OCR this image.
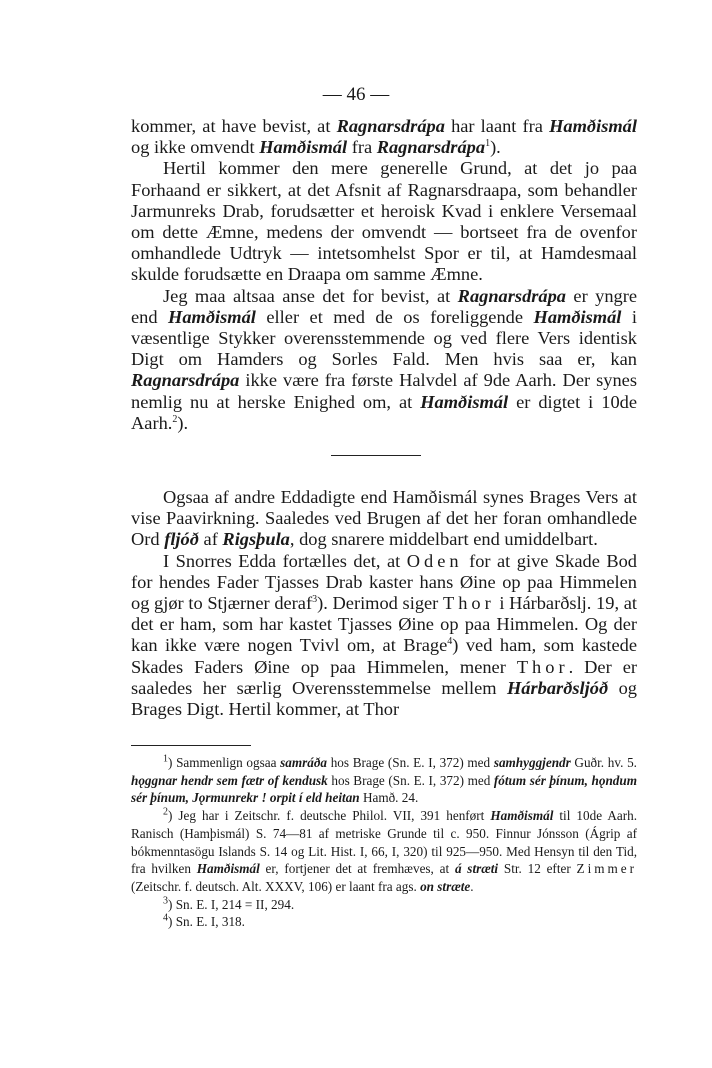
— 46 —

kommer, at have bevist, at Ragnarsdrápa har laant fra Hamðismál og ikke omvendt Hamðismál fra Ragnarsdrápa$^1$).

Hertil kommer den mere generelle Grund, at det jo paa Forhaand er sikkert, at det Afsnit af Ragnarsdraapa, som behandler Jarmunreks Drab, forudsætter et heroisk Kvad i enklere Versemaal om dette Æmne, medens der omvendt — bortseet fra de ovenfor omhandlede Udtryk — intetsomhelst Spor er til, at Hamdesmaal skulde forudsætte en Draapa om samme Æmne.

Jeg maa altsaa anse det for bevist, at Ragnarsdrápa er yngre end Hamðismál eller et med de os foreliggende Hamðismál i væsentlige Stykker overensstemmende og ved flere Vers identisk Digt om Hamders og Sorles Fald. Men hvis saa er, kan Ragnarsdrápa ikke være fra første Halvdel af 9de Aarh. Der synes nemlig nu at herske Enighed om, at Hamðismál er digtet i 10de Aarh.$^2$).

Ogsaa af andre Eddadigte end Hamðismál synes Brages Vers at vise Paavirkning. Saaledes ved Brugen af det her foran omhandlede Ord fljóð af Rigsþula, dog snarere middelbart end umiddelbart.

I Snorres Edda fortælles det, at Oden for at give Skade Bod for hendes Fader Tjasses Drab kaster hans Øine op paa Himmelen og gjør to Stjærner deraf$^3$). Derimod siger Thor i Hárbarðslj. 19, at det er ham, som har kastet Tjasses Øine op paa Himmelen. Og der kan ikke være nogen Tvivl om, at Brage$^4$) ved ham, som kastede Skades Faders Øine op paa Himmelen, mener Thor. Der er saaledes her særlig Overensstemmelse mellem Hárbarðsljóð og Brages Digt. Hertil kommer, at Thor

$^1$) Sammenlign ogsaa samráða hos Brage (Sn. E. I, 372) med samhyggjendr Guðr. hv. 5. hǫggnar hendr sem fætr of kendusk hos Brage (Sn. E. I, 372) med fótum sér þínum, hǫndum sér þínum, Jǫrmunrekr ! orpit í eld heitan Hamð. 24.

$^2$) Jeg har i Zeitschr. f. deutsche Philol. VII, 391 henført Hamðismál til 10de Aarh. Ranisch (Hamþismál) S. 74—81 af metriske Grunde til c. 950. Finnur Jónsson (Ágrip af bókmenntasögu Islands S. 14 og Lit. Hist. I, 66, I, 320) til 925—950. Med Hensyn til den Tid, fra hvilken Hamðismál er, fortjener det at fremhæves, at á stræti Str. 12 efter Zimmer (Zeitschr. f. deutsch. Alt. XXXV, 106) er laant fra ags. on stræte.

$^3$) Sn. E. I, 214 = II, 294.

$^4$) Sn. E. I, 318.
